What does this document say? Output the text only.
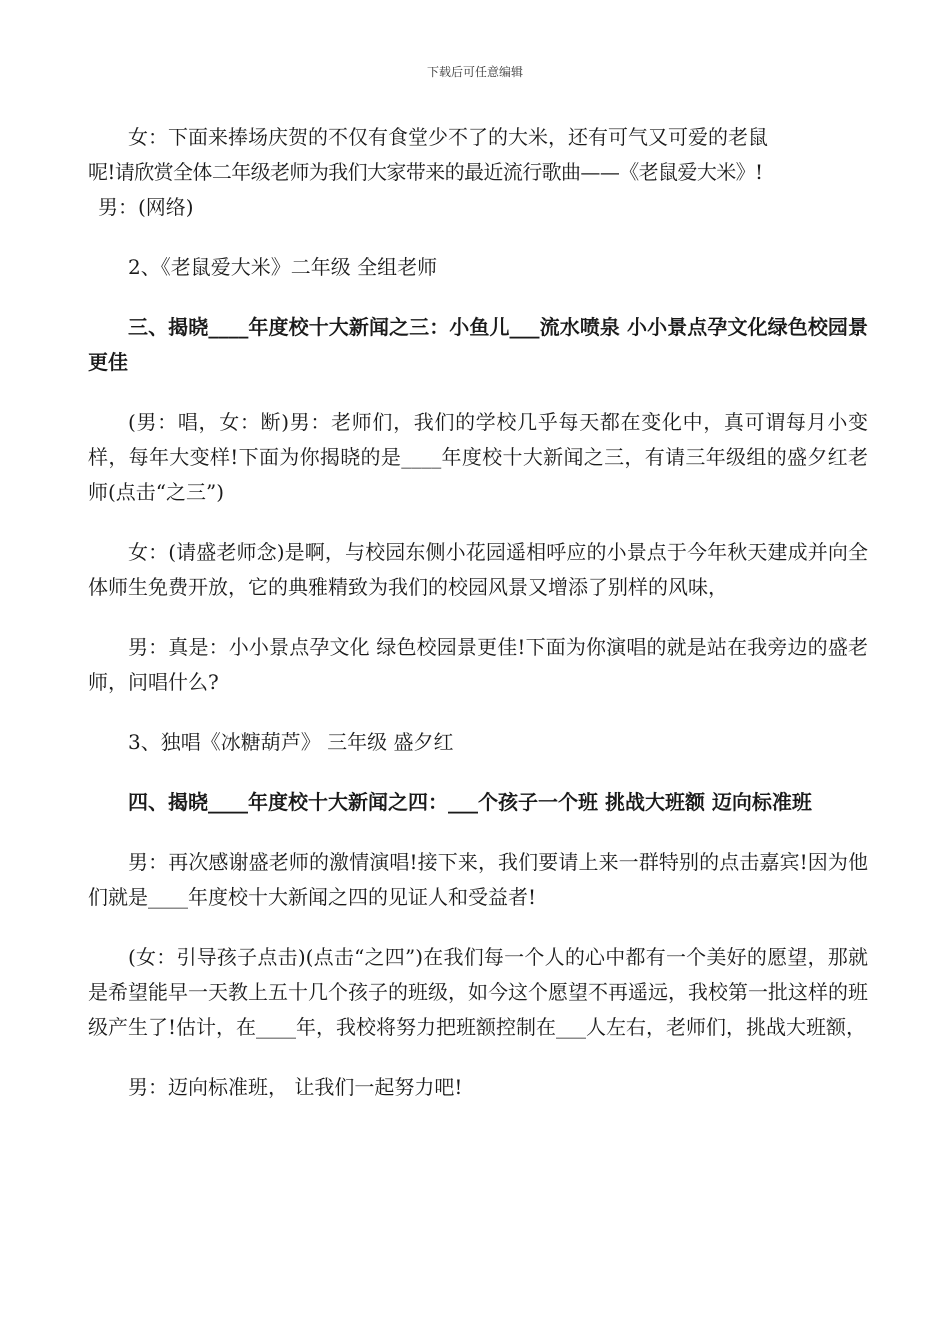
下载后可任意编辑
女：下面来捧场庆贺的不仅有食堂少不了的大米，还有可气又可爱的老鼠
呢!请欣赏全体二年级老师为我们大家带来的最近流行歌曲——《老鼠爱大米》!
男：(网络)

2、《老鼠爱大米》二年级 全组老师

三、揭晓____年度校十大新闻之三：小鱼儿___流水喷泉 小小景点孕文化绿色校园景更佳

(男：唱，女：断)男：老师们，我们的学校几乎每天都在变化中，真可谓每月小变样，每年大变样!下面为你揭晓的是____年度校十大新闻之三，有请三年级组的盛夕红老师(点击“之三”)

女：(请盛老师念)是啊，与校园东侧小花园遥相呼应的小景点于今年秋天建成并向全体师生免费开放，它的典雅精致为我们的校园风景又增添了别样的风味，

男：真是：小小景点孕文化 绿色校园景更佳!下面为你演唱的就是站在我旁边的盛老师，问唱什么?

3、独唱《冰糖葫芦》 三年级 盛夕红

四、揭晓____年度校十大新闻之四：___个孩子一个班 挑战大班额 迈向标准班

男：再次感谢盛老师的激情演唱!接下来，我们要请上来一群特别的点击嘉宾!因为他们就是____年度校十大新闻之四的见证人和受益者!

(女：引导孩子点击)(点击“之四”)在我们每一个人的心中都有一个美好的愿望，那就是希望能早一天教上五十几个孩子的班级，如今这个愿望不再遥远，我校第一批这样的班级产生了!估计，在____年，我校将努力把班额控制在___人左右，老师们，挑战大班额，

男：迈向标准班， 让我们一起努力吧!
